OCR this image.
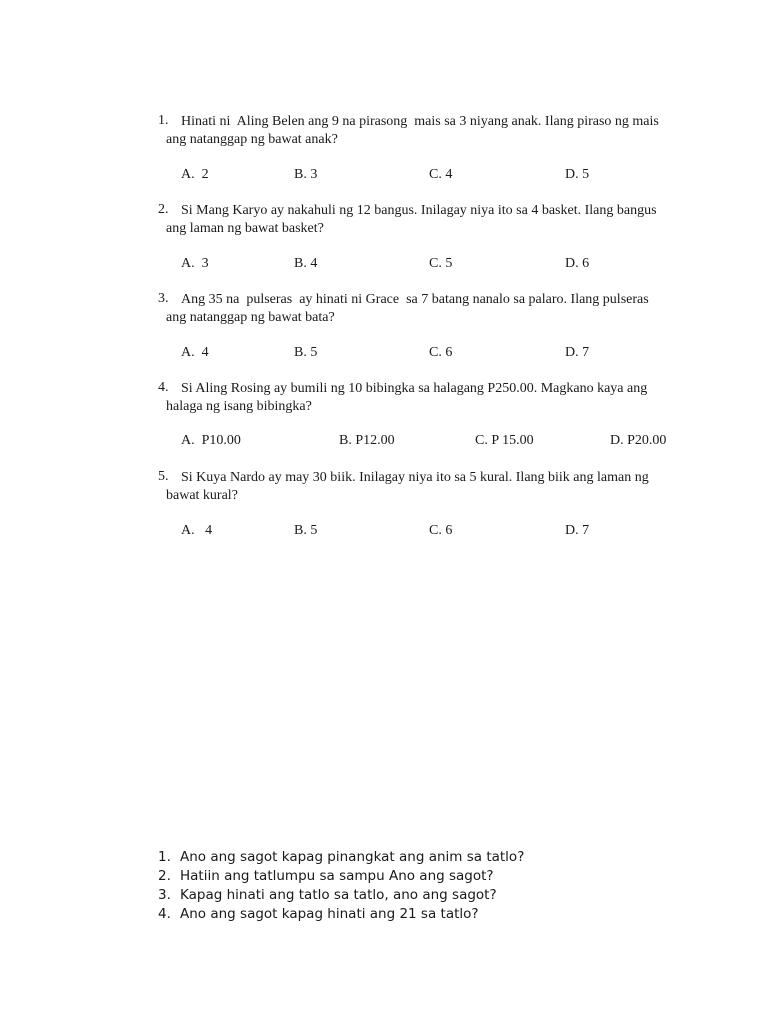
1. Hinati ni  Aling Belen ang 9 na pirasong  mais sa 3 niyang anak. Ilang piraso ng mais
ang natanggap ng bawat anak?
A.  2	B. 3	C. 4	D. 5
2. Si Mang Karyo ay nakahuli ng 12 bangus. Inilagay niya ito sa 4 basket. Ilang bangus
ang laman ng bawat basket?
A.  3	B. 4	C. 5	D. 6
3. Ang 35 na  pulseras  ay hinati ni Grace  sa 7 batang nanalo sa palaro. Ilang pulseras
ang natanggap ng bawat bata?
A.  4	B. 5	C. 6	D. 7
4. Si Aling Rosing ay bumili ng 10 bibingka sa halagang P250.00. Magkano kaya ang
halaga ng isang bibingka?
A.  P10.00	B. P12.00	C. P 15.00	D. P20.00
5. Si Kuya Nardo ay may 30 biik. Inilagay niya ito sa 5 kural. Ilang biik ang laman ng
bawat kural?
A.   4	B. 5	C. 6	D. 7
1. Ano ang sagot kapag pinangkat ang anim sa tatlo?
2. Hatiin ang tatlumpu sa sampu Ano ang sagot?
3. Kapag hinati ang tatlo sa tatlo, ano ang sagot?
4. Ano ang sagot kapag hinati ang 21 sa tatlo?
